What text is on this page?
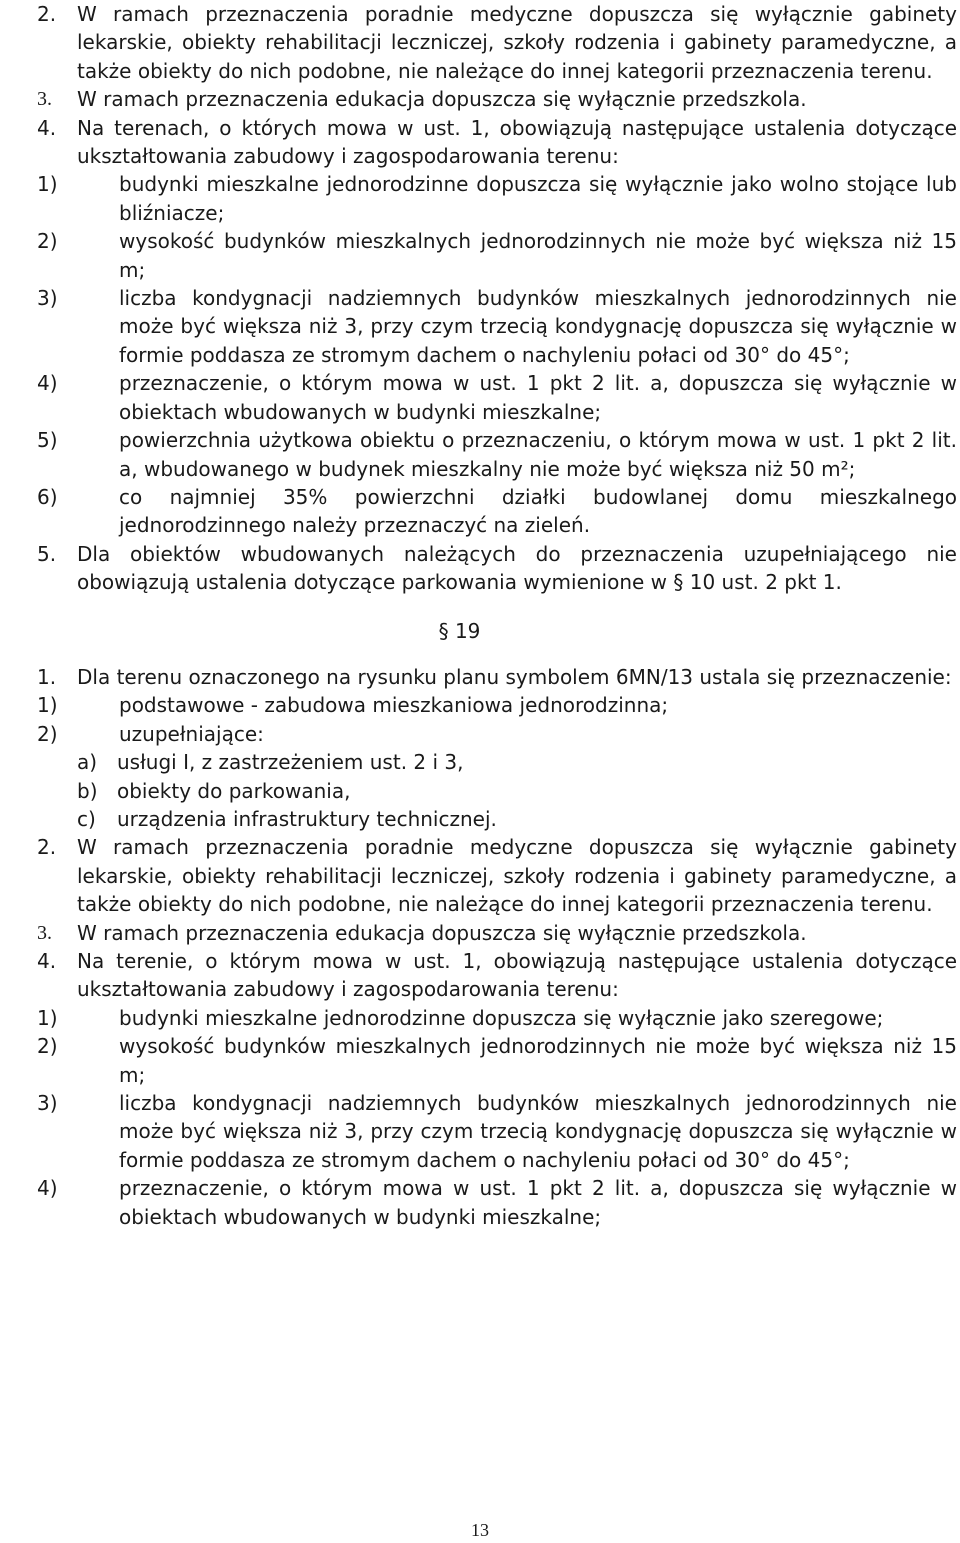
2.	W ramach przeznaczenia poradnie medyczne dopuszcza się wyłącznie gabinety lekarskie, obiekty rehabilitacji leczniczej, szkoły rodzenia i gabinety paramedyczne, a także obiekty do nich podobne, nie należące do innej kategorii przeznaczenia terenu.
3.	W ramach przeznaczenia edukacja dopuszcza się wyłącznie przedszkola.
4.	Na terenach, o których mowa w ust. 1, obowiązują następujące ustalenia dotyczące ukształtowania zabudowy i zagospodarowania terenu:
1)	budynki mieszkalne jednorodzinne dopuszcza się wyłącznie jako wolno stojące lub bliźniacze;
2)	wysokość budynków mieszkalnych jednorodzinnych nie może być większa niż 15 m;
3)	liczba kondygnacji nadziemnych budynków mieszkalnych jednorodzinnych nie może być większa niż 3, przy czym trzecią kondygnację dopuszcza się wyłącznie w formie poddasza ze stromym dachem o nachyleniu połaci od 30° do 45°;
4)	przeznaczenie, o którym mowa w ust. 1 pkt 2 lit. a, dopuszcza się wyłącznie w obiektach wbudowanych w budynki mieszkalne;
5)	powierzchnia użytkowa obiektu o przeznaczeniu, o którym mowa w ust. 1 pkt 2 lit. a, wbudowanego w budynek mieszkalny nie może być większa niż 50 m²;
6)	co najmniej 35% powierzchni działki budowlanej domu mieszkalnego jednorodzinnego należy przeznaczyć na zieleń.
5.	Dla obiektów wbudowanych należących do przeznaczenia uzupełniającego nie obowiązują ustalenia dotyczące parkowania wymienione w § 10 ust. 2 pkt 1.
§ 19
1.	Dla terenu oznaczonego na rysunku planu symbolem 6MN/13 ustala się przeznaczenie:
1)	podstawowe - zabudowa mieszkaniowa jednorodzinna;
2)	uzupełniające:
a) usługi I, z zastrzeżeniem ust. 2 i 3,
b) obiekty do parkowania,
c) urządzenia infrastruktury technicznej.
2.	W ramach przeznaczenia poradnie medyczne dopuszcza się wyłącznie gabinety lekarskie, obiekty rehabilitacji leczniczej, szkoły rodzenia i gabinety paramedyczne, a także obiekty do nich podobne, nie należące do innej kategorii przeznaczenia terenu.
3.	W ramach przeznaczenia edukacja dopuszcza się wyłącznie przedszkola.
4.	Na terenie, o którym mowa w ust. 1, obowiązują następujące ustalenia dotyczące ukształtowania zabudowy i zagospodarowania terenu:
1)	budynki mieszkalne jednorodzinne dopuszcza się wyłącznie jako szeregowe;
2)	wysokość budynków mieszkalnych jednorodzinnych nie może być większa niż 15 m;
3)	liczba kondygnacji nadziemnych budynków mieszkalnych jednorodzinnych nie może być większa niż 3, przy czym trzecią kondygnację dopuszcza się wyłącznie w formie poddasza ze stromym dachem o nachyleniu połaci od 30° do 45°;
4)	przeznaczenie, o którym mowa w ust. 1 pkt 2 lit. a, dopuszcza się wyłącznie w obiektach wbudowanych w budynki mieszkalne;
13
